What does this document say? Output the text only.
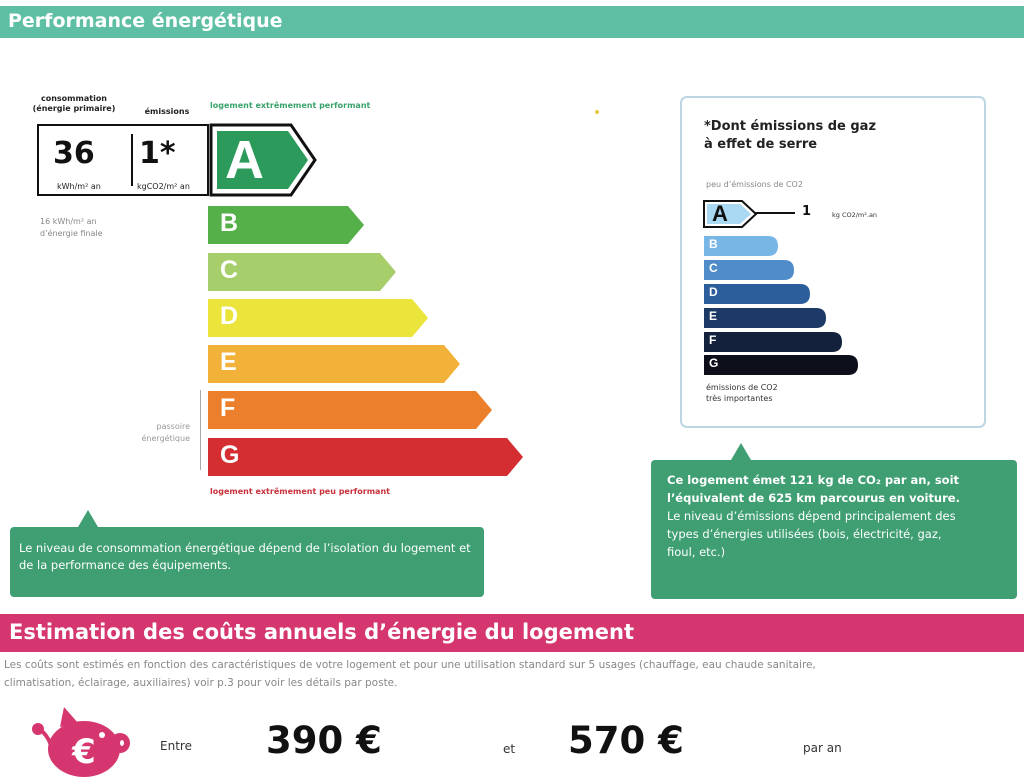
Performance énergétique
consommation
(énergie primaire)	émissions
logement extrêmement performant
36
kWh/m² an
1*
kgCO2/m² an A
B
C
D
E
F
G
16 kWh/m² an
d’énergie finale
passoire
énergétique
logement extrêmement peu performant

Le niveau de consommation énergétique dépend de l’isolation du logement et de la performance des équipements.

*Dont émissions de gaz
à effet de serre
peu d’émissions de CO2
A	1	kg CO2/m².an
B
C
D
E
F
G
émissions de CO2
très importantes
Ce logement émet 121 kg de CO₂ par an, soit
l’équivalent de 625 km parcourus en voiture.
Le niveau d’émissions dépend principalement des
types d’énergies utilisées (bois, électricité, gaz,
fioul, etc.)
Estimation des coûts annuels d’énergie du logement
Les coûts sont estimés en fonction des caractéristiques de votre logement et pour une utilisation standard sur 5 usages (chauffage, eau chaude sanitaire,
climatisation, éclairage, auxiliaires) voir p.3 pour voir les détails par poste.
€	Entre 390 €	et 570 €	par an
